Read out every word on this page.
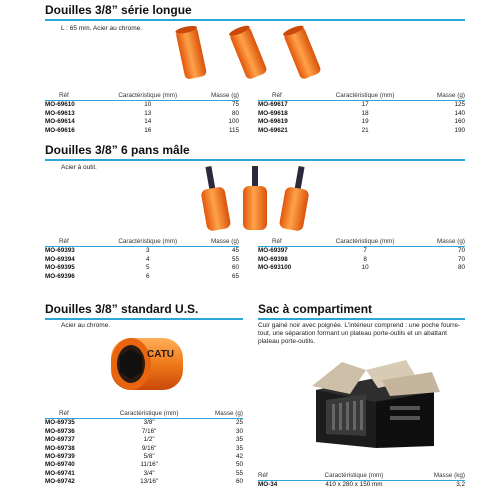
Douilles 3/8” série longue
L : 65 mm. Acier au chrome.
Réf	Caractéristique (mm)	Masse (g)
MO-69610	10	75
MO-69613	13	80
MO-69614	14	100
MO-69616	16	115
Réf	Caractéristique (mm)	Masse (g)
MO-69617	17	125
MO-69618	18	140
MO-69619	19	160
MO-69621	21	190
Douilles 3/8” 6 pans mâle
Acier à outil.
Réf	Caractéristique (mm)	Masse (g)
MO-69393	3	45
MO-69394	4	55
MO-69395	5	60
MO-69396	6	65
Réf	Caractéristique (mm)	Masse (g)
MO-69397	7	70
MO-69398	8	70
MO-693100	10	80
Douilles 3/8” standard U.S.
Acier au chrome.
CATU
Réf	Caractéristique (mm)	Masse (g)
MO-69735	3/8"	25
MO-69736	7/16"	30
MO-69737	1/2"	35
MO-69738	9/16"	35
MO-69739	5/8"	42
MO-69740	11/16"	50
MO-69741	3/4"	55
MO-69742	13/16"	60
Sac à compartiment
Cuir gainé noir avec poignée. L'intérieur comprend : une poche fourre-tout, une séparation formant un plateau porte-outils et un abattant plateau porte-outils.
Réf	Caractéristique (mm)	Masse (kg)
MO-34	410 x 280 x 150 mm	3,2
